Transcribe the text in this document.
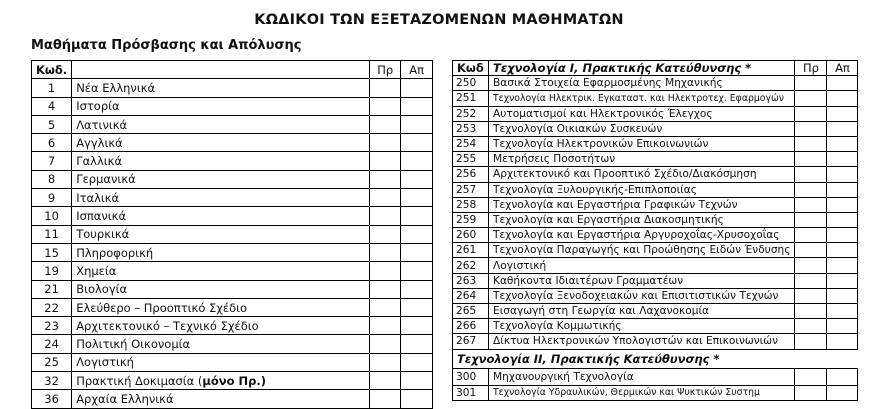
ΚΩΔΙΚΟΙ ΤΩΝ ΕΞΕΤΑΖΟΜΕΝΩΝ ΜΑΘΗΜΑΤΩΝ
Μαθήματα Πρόσβασης και Απόλυσης
Κωδ.		Πρ	Απ
1	Νέα Ελληνικά		
4	Ιστορία		
5	Λατινικά		
6	Αγγλικά		
7	Γαλλικά		
8	Γερμανικά		
9	Ιταλικά		
10	Ισπανικά		
11	Τουρκικά		
15	Πληροφορική		
19	Χημεία		
21	Βιολογία		
22	Ελεύθερο – Προοπτικό Σχέδιο		
23	Αρχιτεκτονικό – Τεχνικό Σχέδιο		
24	Πολιτική Οικονομία		
25	Λογιστική		
32	Πρακτική Δοκιμασία (μόνο Πρ.)		
36	Αρχαία Ελληνικά		
Κωδ	Τεχνολογία Ι, Πρακτικής Κατεύθυνσης *	Πρ	Απ
250	Βασικά Στοιχεία Εφαρμοσμένης Μηχανικής		
251	Τεχνολογία Ηλεκτρικ. Εγκαταστ. και Ηλεκτροτεχ. Εφαρμογών		
252	Αυτοματισμοί και Ηλεκτρονικός Έλεγχος		
253	Τεχνολογία Οικιακών Συσκευών		
254	Τεχνολογία Ηλεκτρονικών Επικοινωνιών		
255	Μετρήσεις Ποσοτήτων		
256	Αρχιτεκτονικό και Προοπτικό Σχέδιο/Διακόσμηση		
257	Τεχνολογία Ξυλουργικής-Επιπλοποιίας		
258	Τεχνολογία και Εργαστήρια Γραφικών Τεχνών		
259	Τεχνολογία και Εργαστήρια Διακοσμητικής		
260	Τεχνολογία και Εργαστήρια Αργυροχοΐας-Χρυσοχοΐας		
261	Τεχνολογία Παραγωγής και Προώθησης Ειδών Ένδυσης		
262	Λογιστική		
263	Καθήκοντα Ιδιαιτέρων Γραμματέων		
264	Τεχνολογία Ξενοδοχειακών και Επισιτιστικών Τεχνών		
265	Εισαγωγή στη Γεωργία και Λαχανοκομία		
266	Τεχνολογία Κομμωτικής		
267	Δίκτυα Ηλεκτρονικών Υπολογιστών και Επικοινωνιών		
Τεχνολογία ΙΙ, Πρακτικής Κατεύθυνσης *			
300	Μηχανουργική Τεχνολογία		
301	Τεχνολογία Υδραυλικών, Θερμικών και Ψυκτικών Συστημ		
